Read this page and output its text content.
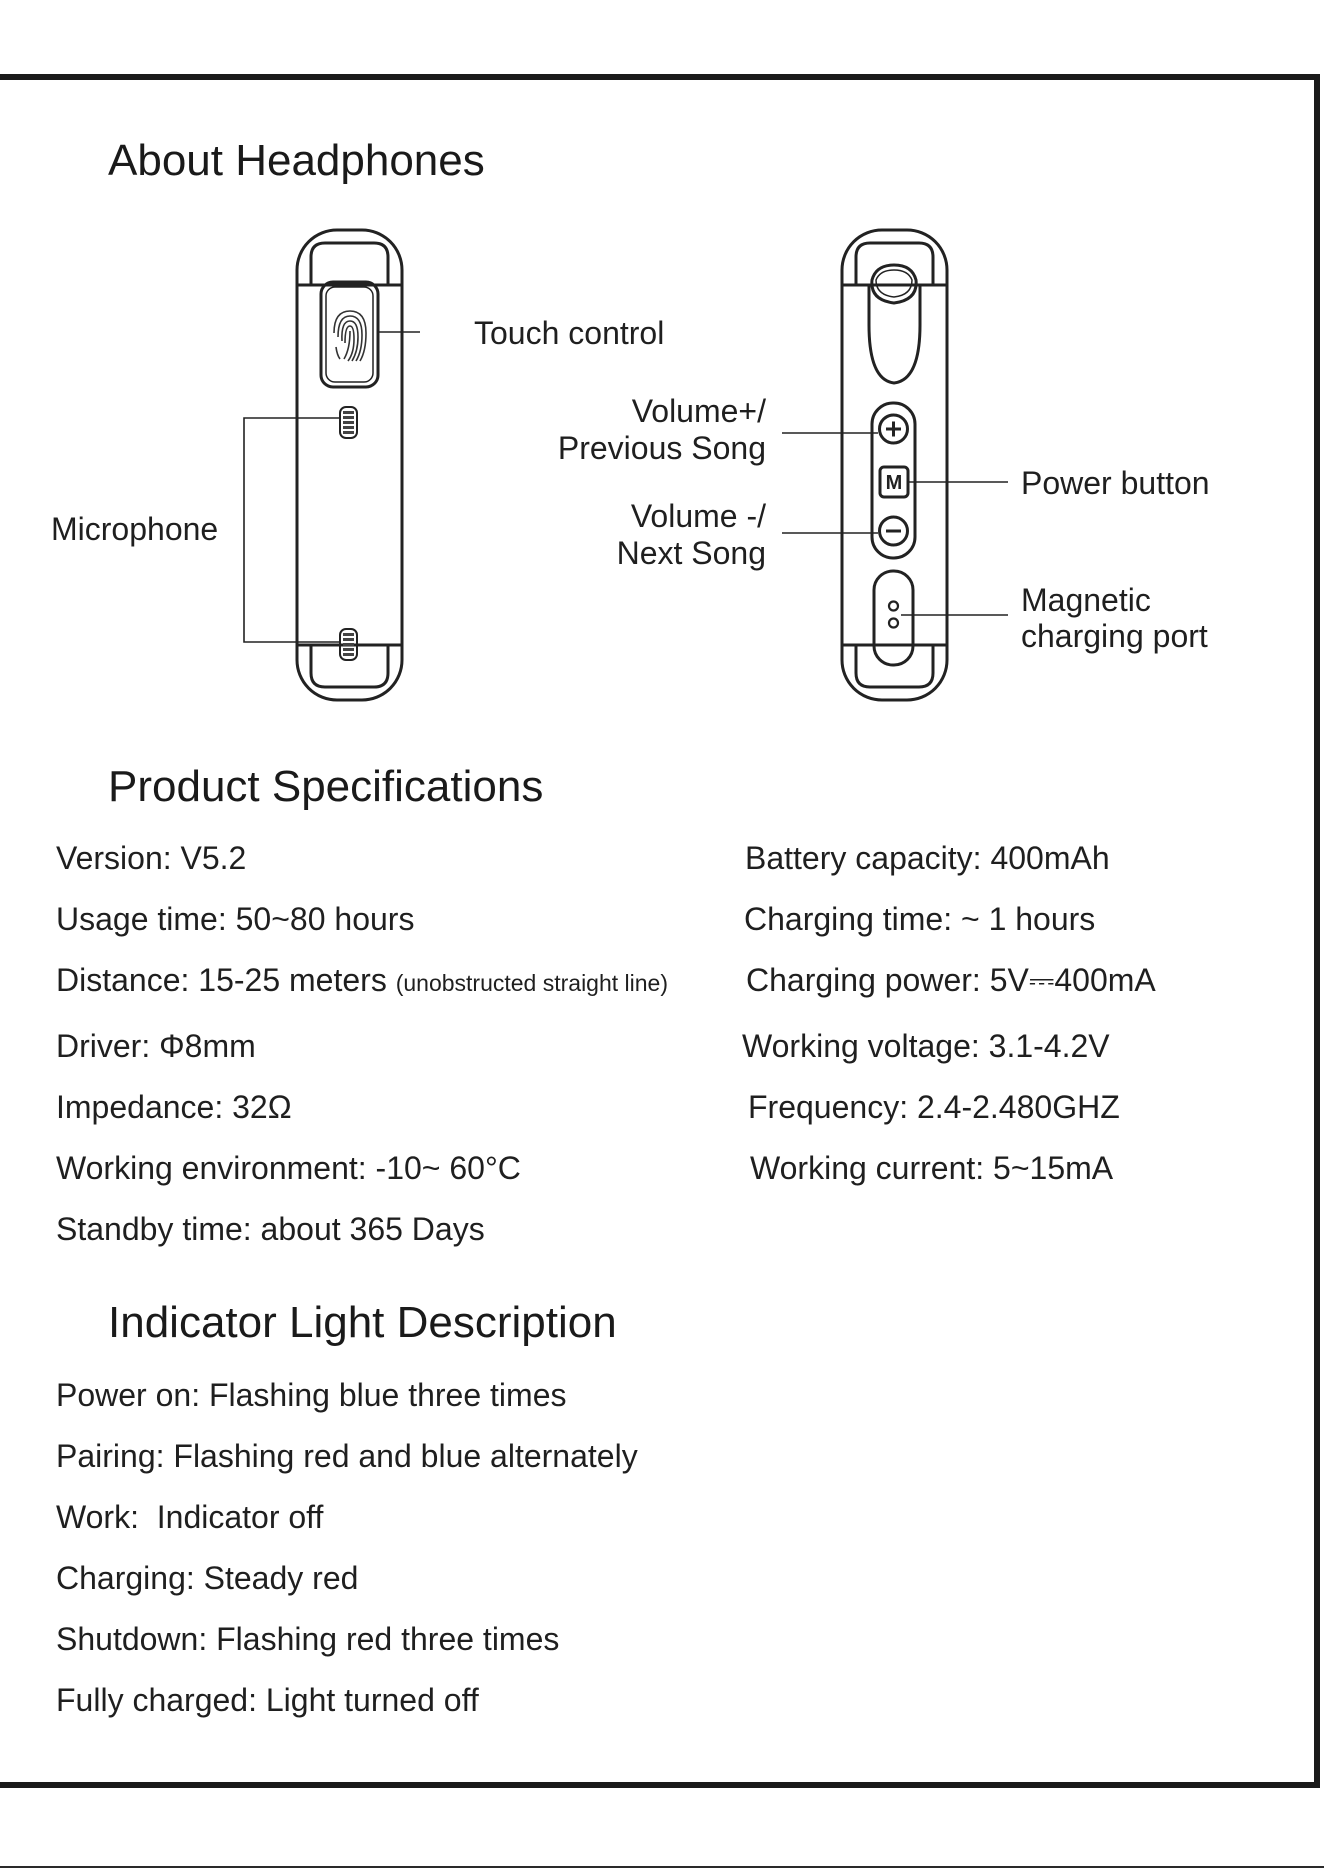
About Headphones
M
Touch control
Microphone
Volume+/
Previous Song
Volume -/
Next Song
Power button
Magnetic
charging port
Product Specifications
Version: V5.2
Usage time: 50~80 hours
Distance: 15-25 meters (unobstructed straight line)
Driver: Φ8mm
Impedance: 32Ω
Working environment: -10~ 60°C
Standby time: about 365 Days
Battery capacity: 400mAh
Charging time: ~ 1 hours
Charging power: 5V⎓400mA
Working voltage: 3.1-4.2V
Frequency: 2.4-2.480GHZ
Working current: 5~15mA
Indicator Light Description
Power on: Flashing blue three times
Pairing: Flashing red and blue alternately
Work:  Indicator off
Charging: Steady red
Shutdown: Flashing red three times
Fully charged: Light turned off
